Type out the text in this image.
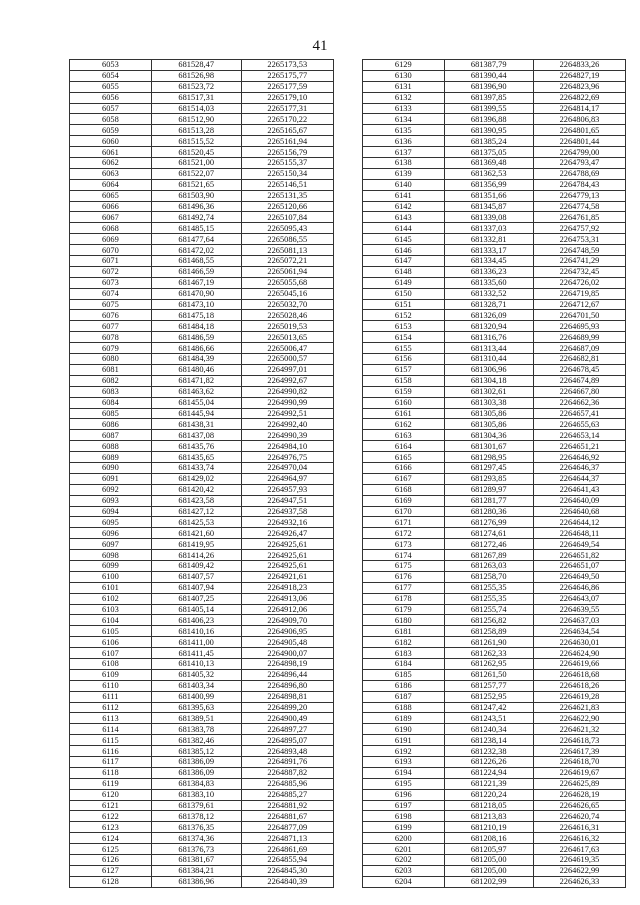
41
6053	681528,47	2265173,53
6054	681526,98	2265175,77
6055	681523,72	2265177,59
6056	681517,31	2265179,10
6057	681514,03	2265177,31
6058	681512,90	2265170,22
6059	681513,28	2265165,67
6060	681515,52	2265161,94
6061	681520,45	2265156,79
6062	681521,00	2265155,37
6063	681522,07	2265150,34
6064	681521,65	2265146,51
6065	681503,90	2265131,35
6066	681496,36	2265120,66
6067	681492,74	2265107,84
6068	681485,15	2265095,43
6069	681477,64	2265086,55
6070	681472,02	2265081,13
6071	681468,55	2265072,21
6072	681466,59	2265061,94
6073	681467,19	2265055,68
6074	681470,90	2265045,16
6075	681473,10	2265032,70
6076	681475,18	2265028,46
6077	681484,18	2265019,53
6078	681486,59	2265013,65
6079	681486,66	2265006,47
6080	681484,39	2265000,57
6081	681480,46	2264997,01
6082	681471,82	2264992,67
6083	681463,62	2264990,82
6084	681455,04	2264990,99
6085	681445,94	2264992,51
6086	681438,31	2264992,40
6087	681437,08	2264990,39
6088	681435,76	2264984,10
6089	681435,65	2264976,75
6090	681433,74	2264970,04
6091	681429,02	2264964,97
6092	681420,42	2264957,93
6093	681423,58	2264947,51
6094	681427,12	2264937,58
6095	681425,53	2264932,16
6096	681421,60	2264926,47
6097	681419,95	2264925,61
6098	681414,26	2264925,61
6099	681409,42	2264925,61
6100	681407,57	2264921,61
6101	681407,94	2264918,23
6102	681407,25	2264913,06
6103	681405,14	2264912,06
6104	681406,23	2264909,70
6105	681410,16	2264906,95
6106	681411,00	2264905,48
6107	681411,45	2264900,07
6108	681410,13	2264898,19
6109	681405,32	2264896,44
6110	681403,34	2264896,80
6111	681400,99	2264898,81
6112	681395,63	2264899,20
6113	681389,51	2264900,49
6114	681383,78	2264897,27
6115	681382,46	2264895,07
6116	681385,12	2264893,48
6117	681386,09	2264891,76
6118	681386,09	2264887,82
6119	681384,83	2264885,96
6120	681383,10	2264885,27
6121	681379,61	2264881,92
6122	681378,12	2264881,67
6123	681376,35	2264877,09
6124	681374,36	2264871,13
6125	681376,73	2264861,69
6126	681381,67	2264855,94
6127	681384,21	2264845,30
6128	681386,96	2264840,39
6129	681387,79	2264833,26
6130	681390,44	2264827,19
6131	681396,90	2264823,96
6132	681397,85	2264822,69
6133	681399,55	2264814,17
6134	681396,88	2264806,83
6135	681390,95	2264801,65
6136	681385,24	2264801,44
6137	681375,05	2264799,00
6138	681369,48	2264793,47
6139	681362,53	2264788,69
6140	681356,99	2264784,43
6141	681351,66	2264779,13
6142	681345,87	2264774,58
6143	681339,08	2264761,85
6144	681337,03	2264757,92
6145	681332,81	2264753,31
6146	681333,17	2264748,59
6147	681334,45	2264741,29
6148	681336,23	2264732,45
6149	681335,60	2264726,02
6150	681332,52	2264719,85
6151	681328,71	2264712,67
6152	681326,09	2264701,50
6153	681320,94	2264695,93
6154	681316,76	2264689,99
6155	681313,44	2264687,09
6156	681310,44	2264682,81
6157	681306,96	2264678,45
6158	681304,18	2264674,89
6159	681302,61	2264667,80
6160	681303,38	2264662,36
6161	681305,86	2264657,41
6162	681305,86	2264655,63
6163	681304,36	2264653,14
6164	681301,67	2264651,21
6165	681298,95	2264646,92
6166	681297,45	2264646,37
6167	681293,85	2264644,37
6168	681289,97	2264641,43
6169	681281,77	2264640,09
6170	681280,36	2264640,68
6171	681276,99	2264644,12
6172	681274,61	2264648,11
6173	681272,46	2264649,54
6174	681267,89	2264651,82
6175	681263,03	2264651,07
6176	681258,70	2264649,50
6177	681255,35	2264646,86
6178	681255,35	2264643,07
6179	681255,74	2264639,55
6180	681256,82	2264637,03
6181	681258,89	2264634,54
6182	681261,90	2264630,01
6183	681262,33	2264624,90
6184	681262,95	2264619,66
6185	681261,50	2264618,68
6186	681257,77	2264618,26
6187	681252,95	2264619,28
6188	681247,42	2264621,83
6189	681243,51	2264622,90
6190	681240,34	2264621,32
6191	681238,14	2264618,73
6192	681232,38	2264617,39
6193	681226,26	2264618,70
6194	681224,94	2264619,67
6195	681221,39	2264625,89
6196	681220,24	2264628,19
6197	681218,05	2264626,65
6198	681213,83	2264620,74
6199	681210,19	2264616,31
6200	681208,16	2264616,32
6201	681205,97	2264617,63
6202	681205,00	2264619,35
6203	681205,00	2264622,99
6204	681202,99	2264626,33
